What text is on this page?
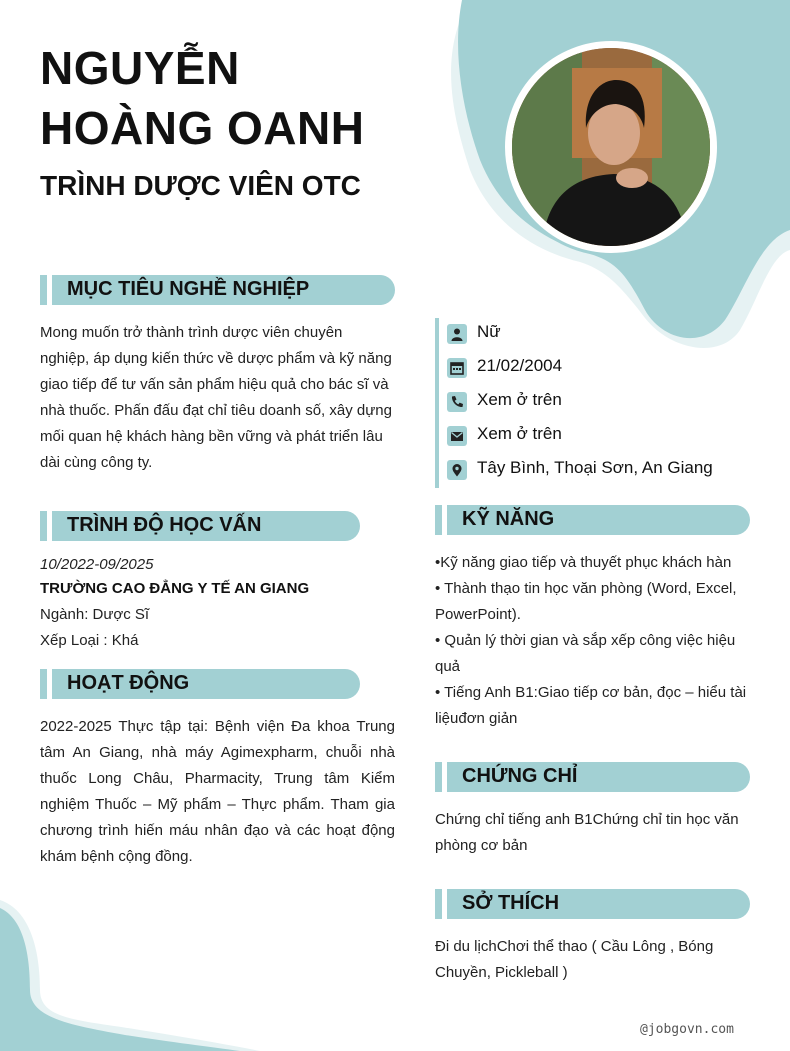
NGUYỄN
HOÀNG OANH
TRÌNH DƯỢC VIÊN OTC
MỤC TIÊU NGHỀ NGHIỆP

Mong muốn trở thành trình dược viên chuyên nghiệp, áp dụng kiến thức về dược phẩm và kỹ năng giao tiếp để tư vấn sản phẩm hiệu quả cho bác sĩ và nhà thuốc. Phấn đấu đạt chỉ tiêu doanh số, xây dựng mối quan hệ khách hàng bền vững và phát triển lâu dài cùng công ty.

Nữ
21/02/2004
Xem ở trên
Xem ở trên
Tây Bình, Thoại Sơn, An Giang
TRÌNH ĐỘ HỌC VẤN
10/2022-09/2025
TRƯỜNG CAO ĐẲNG Y TẾ AN GIANG
Ngành: Dược Sĩ
Xếp Loại : Khá
HOẠT ĐỘNG

2022-2025 Thực tập tại: Bệnh viện Đa khoa Trung tâm An Giang, nhà máy Agimexpharm, chuỗi nhà thuốc Long Châu, Pharmacity, Trung tâm Kiểm nghiệm Thuốc – Mỹ phẩm – Thực phẩm. Tham gia chương trình hiến máu nhân đạo và các hoạt động khám bệnh cộng đồng.

KỸ NĂNG
•Kỹ năng giao tiếp và thuyết phục khách hàn
• Thành thạo tin học văn phòng (Word, Excel, PowerPoint).
• Quản lý thời gian và sắp xếp công việc hiệu quả
• Tiếng Anh B1:Giao tiếp cơ bản, đọc – hiểu tài liệuđơn giản
CHỨNG CHỈ

Chứng chỉ tiếng anh B1Chứng chỉ tin học văn phòng cơ bản

SỞ THÍCH

Đi du lịchChơi thể thao ( Cầu Lông , Bóng Chuyền, Pickleball )

@jobgovn.com
